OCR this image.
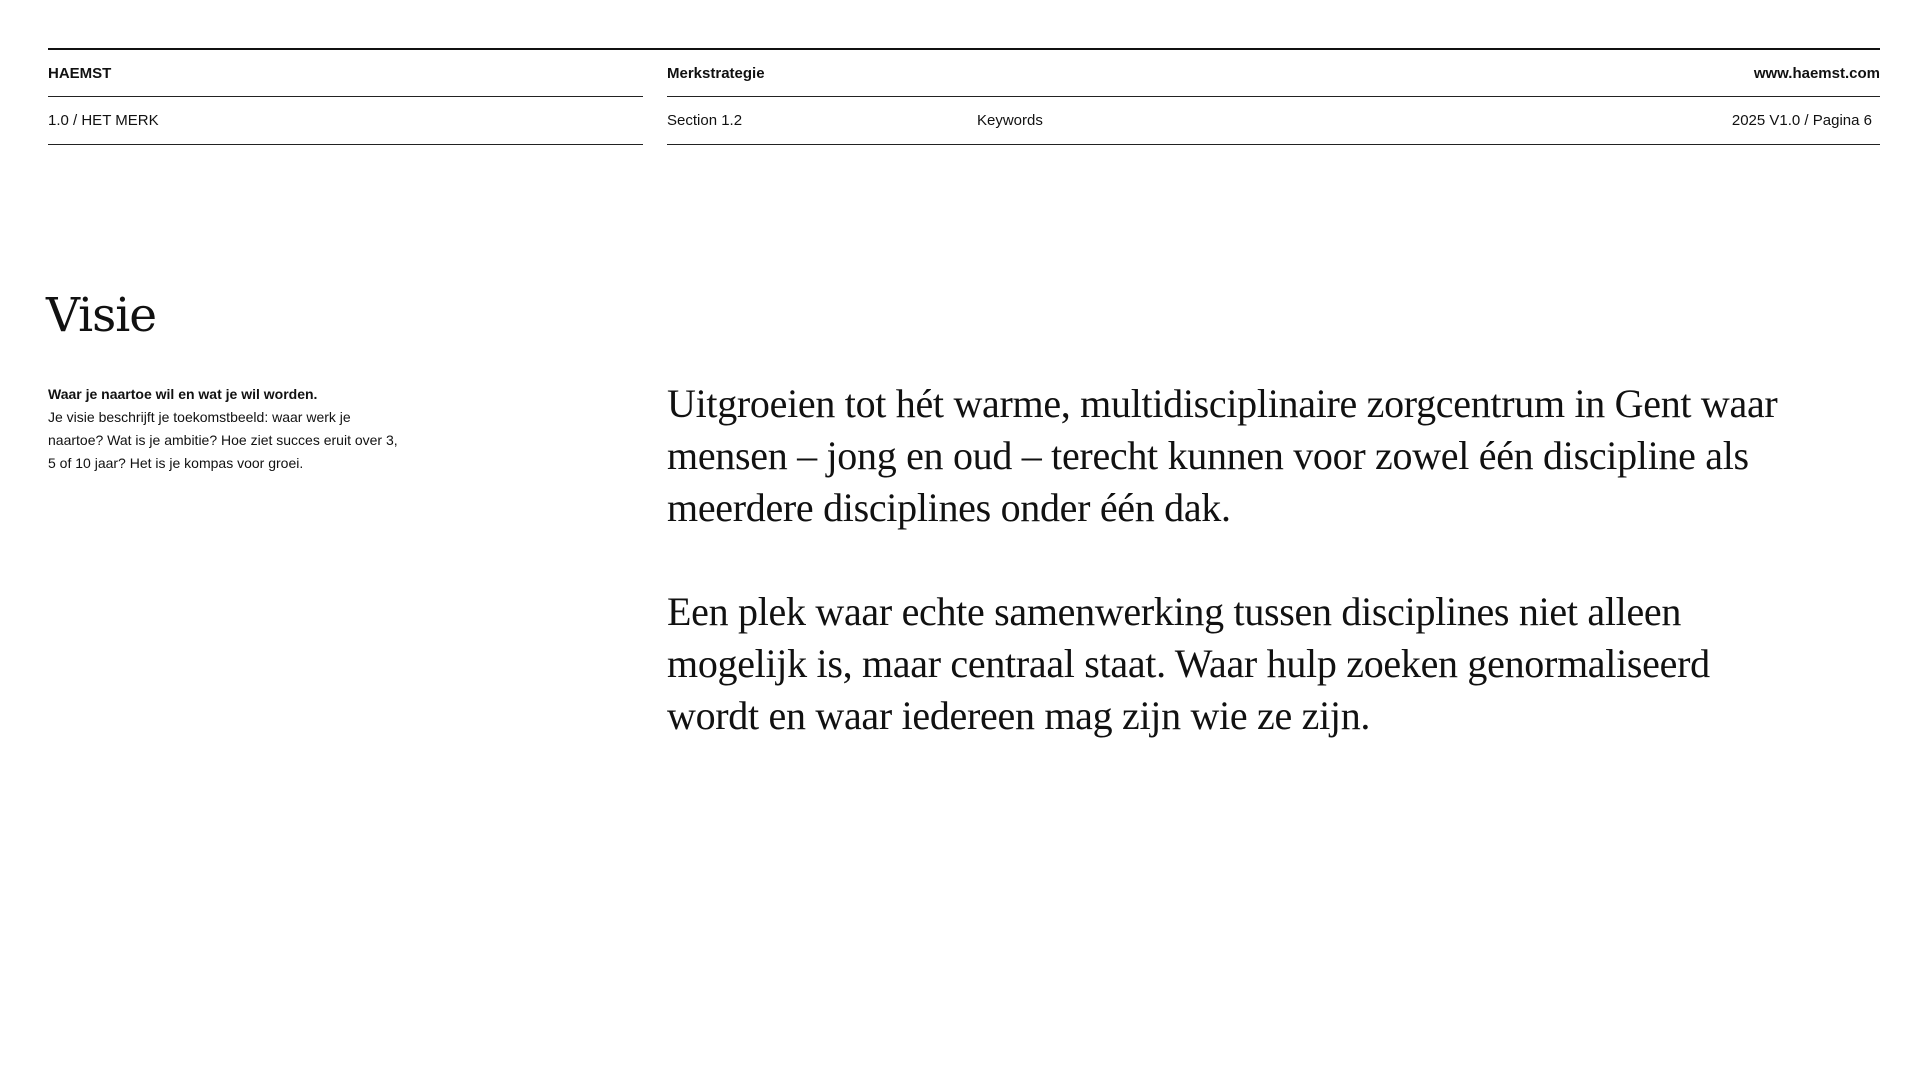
HAEMST	Merkstrategie	www.haemst.com
1.0 / HET MERK	Section 1.2	Keywords	2025 V1.0 / Pagina 6
Visie
Waar je naartoe wil en wat je wil worden.
Je visie beschrijft je toekomstbeeld: waar werk je naartoe? Wat is je ambitie? Hoe ziet succes eruit over 3, 5 of 10 jaar? Het is je kompas voor groei.

Uitgroeien tot hét warme, multidisciplinaire zorgcentrum in Gent waar mensen – jong en oud – terecht kunnen voor zowel één discipline als meerdere disciplines onder één dak.

Een plek waar echte samenwerking tussen disciplines niet alleen mogelijk is, maar centraal staat. Waar hulp zoeken genormaliseerd wordt en waar iedereen mag zijn wie ze zijn.
